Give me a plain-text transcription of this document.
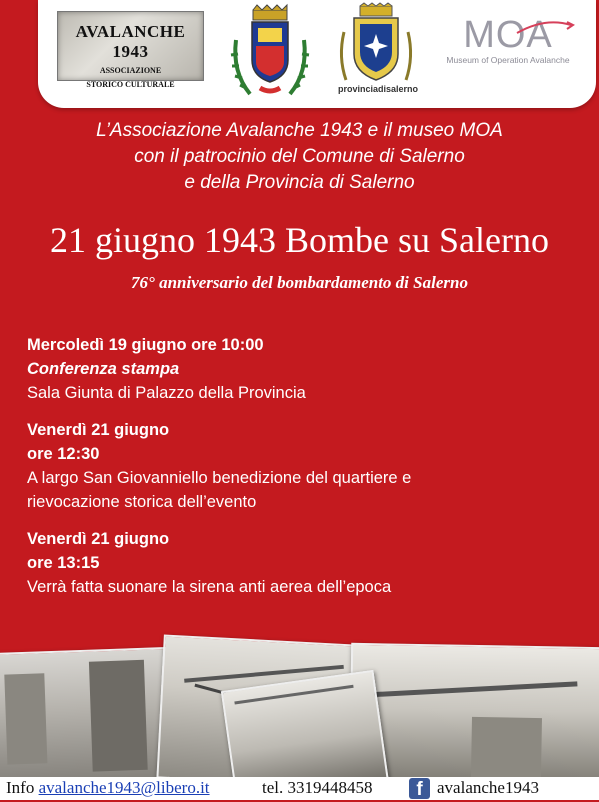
AVALANCHE 1943
ASSOCIAZIONE
STORICO CULTURALE	provinciadisalerno
MOA
Museum of Operation Avalanche
L’Associazione Avalanche 1943 e il museo MOA
con il patrocinio del Comune di Salerno
e della Provincia di Salerno
21 giugno 1943 Bombe su Salerno
76° anniversario del bombardamento di Salerno
Mercoledì 19 giugno ore 10:00
Conferenza stampa
Sala Giunta di Palazzo della Provincia
Venerdì 21 giugno
ore 12:30
A largo San Giovanniello benedizione del quartiere e
rievocazione storica dell’evento
Venerdì 21 giugno
ore 13:15
Verrà fatta suonare la sirena anti aerea dell’epoca
Info avalanche1943@libero.it	tel. 3319448458	f avalanche1943
